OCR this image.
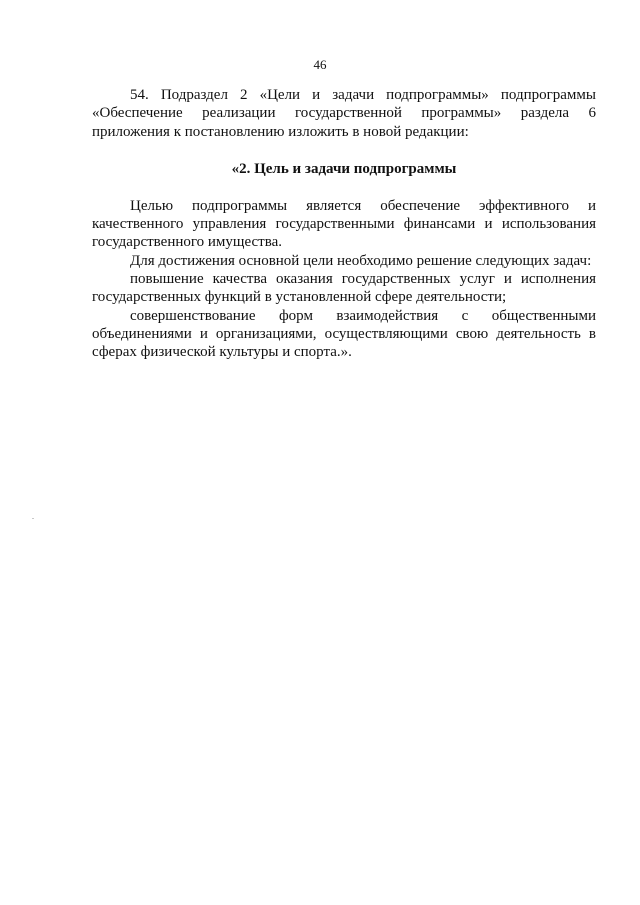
46

54. Подраздел 2 «Цели и задачи подпрограммы» подпрограммы «Обеспечение реализации государственной программы» раздела 6 приложения к постановлению изложить в новой редакции:

«2. Цель и задачи подпрограммы

Целью подпрограммы является обеспечение эффективного и качественного управления государственными финансами и использования государственного имущества.

Для достижения основной цели необходимо решение следующих задач:

повышение качества оказания государственных услуг и исполнения государственных функций в установленной сфере деятельности;

совершенствование форм взаимодействия с общественными объединениями и организациями, осуществляющими свою деятельность в сферах физической культуры и спорта.».
